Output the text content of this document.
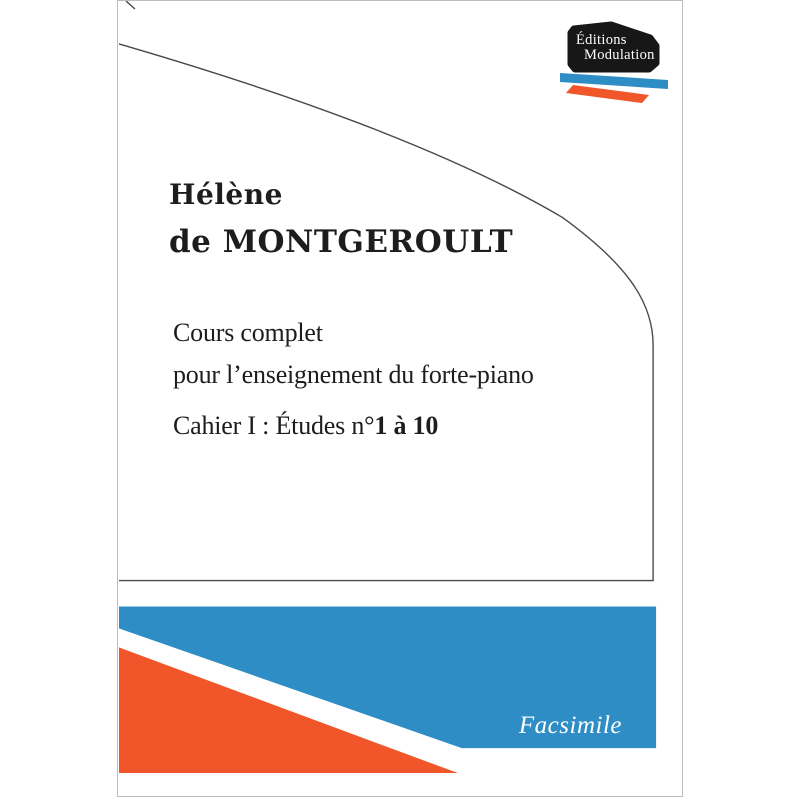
Hélène
de MONTGEROULT
Cours complet
pour l’enseignement du forte-piano
Cahier I : Études n°1 à 10
Éditions
Modulation
Facsimile
